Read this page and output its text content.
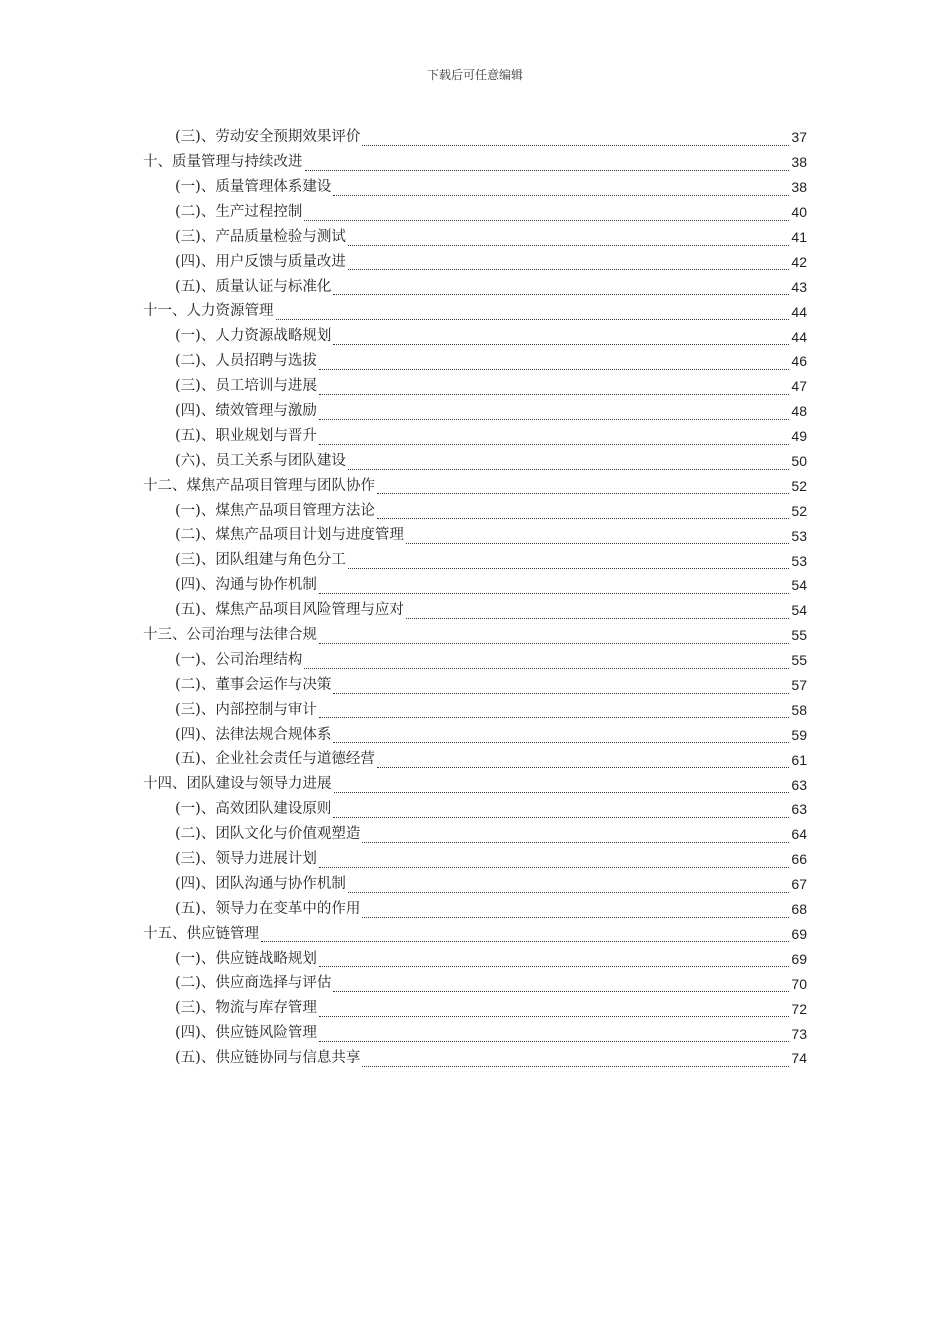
下载后可任意编辑
(三)、劳动安全预期效果评价	37
十、质量管理与持续改进	38
(一)、质量管理体系建设	38
(二)、生产过程控制	40
(三)、产品质量检验与测试	41
(四)、用户反馈与质量改进	42
(五)、质量认证与标准化	43
十一、人力资源管理	44
(一)、人力资源战略规划	44
(二)、人员招聘与选拔	46
(三)、员工培训与进展	47
(四)、绩效管理与激励	48
(五)、职业规划与晋升	49
(六)、员工关系与团队建设	50
十二、煤焦产品项目管理与团队协作	52
(一)、煤焦产品项目管理方法论	52
(二)、煤焦产品项目计划与进度管理	53
(三)、团队组建与角色分工	53
(四)、沟通与协作机制	54
(五)、煤焦产品项目风险管理与应对	54
十三、公司治理与法律合规	55
(一)、公司治理结构	55
(二)、董事会运作与决策	57
(三)、内部控制与审计	58
(四)、法律法规合规体系	59
(五)、企业社会责任与道德经营	61
十四、团队建设与领导力进展	63
(一)、高效团队建设原则	63
(二)、团队文化与价值观塑造	64
(三)、领导力进展计划	66
(四)、团队沟通与协作机制	67
(五)、领导力在变革中的作用	68
十五、供应链管理	69
(一)、供应链战略规划	69
(二)、供应商选择与评估	70
(三)、物流与库存管理	72
(四)、供应链风险管理	73
(五)、供应链协同与信息共享	74
